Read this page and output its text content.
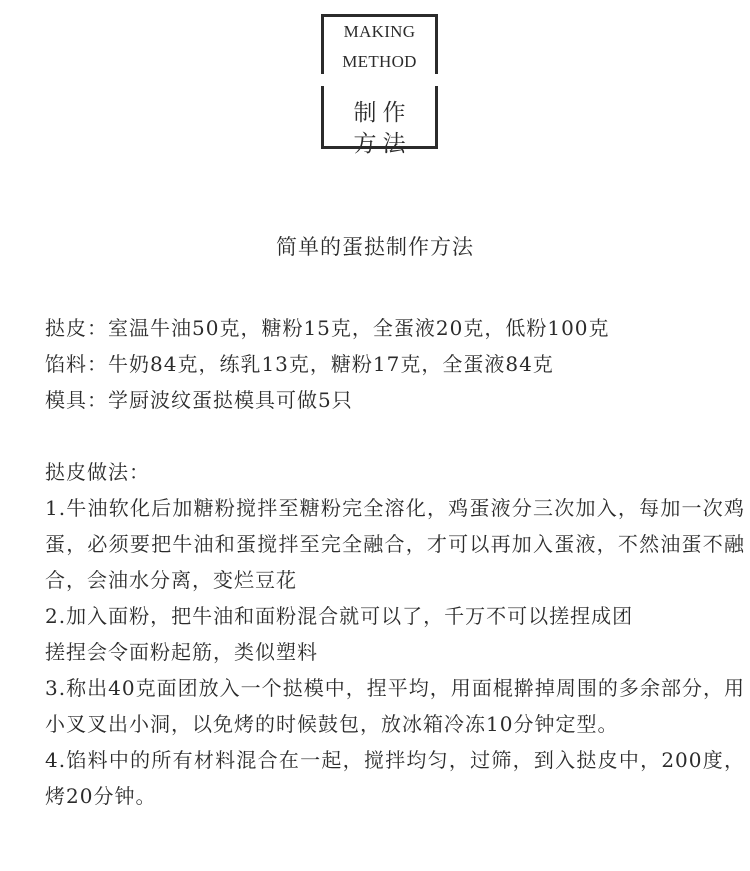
MAKING
METHOD
制作
方法
简单的蛋挞制作方法
挞皮：室温牛油50克，糖粉15克，全蛋液20克，低粉100克
馅料：牛奶84克，练乳13克，糖粉17克，全蛋液84克
模具：学厨波纹蛋挞模具可做5只
挞皮做法：
1.牛油软化后加糖粉搅拌至糖粉完全溶化，鸡蛋液分三次加入，每加一次鸡蛋，必须要把牛油和蛋搅拌至完全融合，才可以再加入蛋液，不然油蛋不融合，会油水分离，变烂豆花
2.加入面粉，把牛油和面粉混合就可以了，千万不可以搓捏成团
搓捏会令面粉起筋，类似塑料
3.称出40克面团放入一个挞模中，捏平均，用面棍擀掉周围的多余部分，用小叉叉出小洞，以免烤的时候鼓包，放冰箱冷冻10分钟定型。
4.馅料中的所有材料混合在一起，搅拌均匀，过筛，到入挞皮中，200度，烤20分钟。
